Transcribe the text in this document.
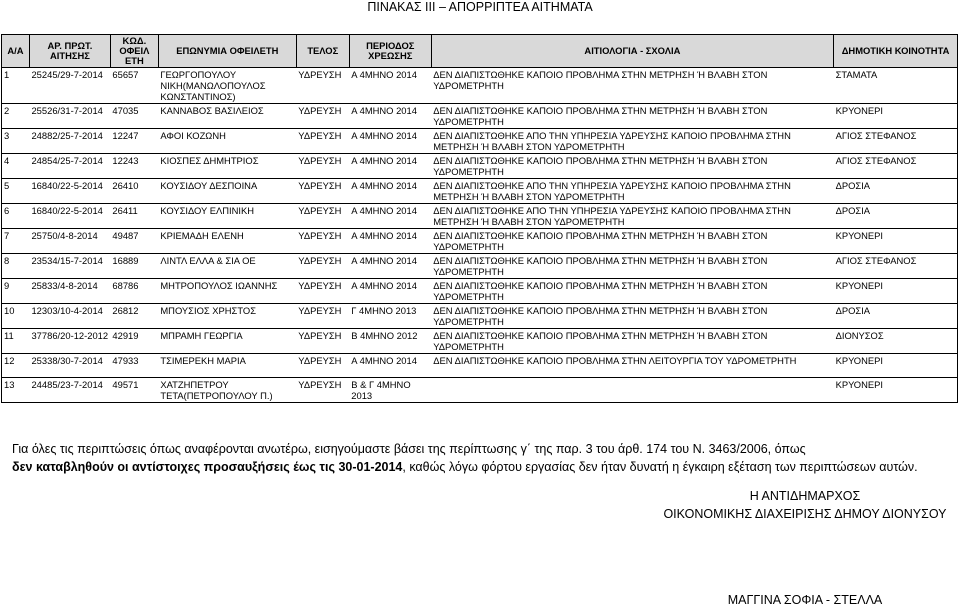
ΠΙΝΑΚΑΣ ΙΙΙ – ΑΠΟΡΡΙΠΤΕΑ ΑΙΤΗΜΑΤΑ
Α/Α	ΑΡ. ΠΡΩΤ. ΑΙΤΗΣΗΣ	ΚΩΔ. ΟΦΕΙΛ ΕΤΗ	ΕΠΩΝΥΜΙΑ ΟΦΕΙΛΕΤΗ	ΤΕΛΟΣ	ΠΕΡΙΟΔΟΣ ΧΡΕΩΣΗΣ	ΑΙΤΙΟΛΟΓΙΑ - ΣΧΟΛΙΑ	ΔΗΜΟΤΙΚΗ ΚΟΙΝΟΤΗΤΑ
1	25245/29-7-2014	65657	ΓΕΩΡΓΟΠΟΥΛΟΥ ΝΙΚΗ(ΜΑΝΩΛΟΠΟΥΛΟΣ ΚΩΝΣΤΑΝΤΙΝΟΣ)	ΥΔΡΕΥΣΗ	Α 4ΜΗΝΟ 2014	ΔΕΝ ΔΙΑΠΙΣΤΩΘΗΚΕ ΚΑΠΟΙΟ ΠΡΟΒΛΗΜΑ ΣΤΗΝ ΜΕΤΡΗΣΗ Ή ΒΛΑΒΗ ΣΤΟΝ ΥΔΡΟΜΕΤΡΗΤΗ	ΣΤΑΜΑΤΑ
2	25526/31-7-2014	47035	ΚΑΝΝΑΒΟΣ ΒΑΣΙΛΕΙΟΣ	ΥΔΡΕΥΣΗ	Α 4ΜΗΝΟ 2014	ΔΕΝ ΔΙΑΠΙΣΤΩΘΗΚΕ ΚΑΠΟΙΟ ΠΡΟΒΛΗΜΑ ΣΤΗΝ ΜΕΤΡΗΣΗ Ή ΒΛΑΒΗ ΣΤΟΝ ΥΔΡΟΜΕΤΡΗΤΗ	ΚΡΥΟΝΕΡΙ
3	24882/25-7-2014	12247	ΑΦΟΙ ΚΟΖΩΝΗ	ΥΔΡΕΥΣΗ	Α 4ΜΗΝΟ 2014	ΔΕΝ ΔΙΑΠΙΣΤΩΘΗΚΕ ΑΠΟ ΤΗΝ ΥΠΗΡΕΣΙΑ ΥΔΡΕΥΣΗΣ ΚΑΠΟΙΟ ΠΡΟΒΛΗΜΑ ΣΤΗΝ ΜΕΤΡΗΣΗ Ή ΒΛΑΒΗ ΣΤΟΝ ΥΔΡΟΜΕΤΡΗΤΗ	ΑΓΙΟΣ ΣΤΕΦΑΝΟΣ
4	24854/25-7-2014	12243	ΚΙΟΣΠΕΣ ΔΗΜΗΤΡΙΟΣ	ΥΔΡΕΥΣΗ	Α 4ΜΗΝΟ 2014	ΔΕΝ ΔΙΑΠΙΣΤΩΘΗΚΕ ΚΑΠΟΙΟ ΠΡΟΒΛΗΜΑ ΣΤΗΝ ΜΕΤΡΗΣΗ Ή ΒΛΑΒΗ ΣΤΟΝ ΥΔΡΟΜΕΤΡΗΤΗ	ΑΓΙΟΣ ΣΤΕΦΑΝΟΣ
5	16840/22-5-2014	26410	ΚΟΥΣΙΔΟΥ ΔΕΣΠΟΙΝΑ	ΥΔΡΕΥΣΗ	Α 4ΜΗΝΟ 2014	ΔΕΝ ΔΙΑΠΙΣΤΩΘΗΚΕ ΑΠΟ ΤΗΝ ΥΠΗΡΕΣΙΑ ΥΔΡΕΥΣΗΣ ΚΑΠΟΙΟ ΠΡΟΒΛΗΜΑ ΣΤΗΝ ΜΕΤΡΗΣΗ Ή ΒΛΑΒΗ ΣΤΟΝ ΥΔΡΟΜΕΤΡΗΤΗ	ΔΡΟΣΙΑ
6	16840/22-5-2014	26411	ΚΟΥΣΙΔΟΥ ΕΛΠΙΝΙΚΗ	ΥΔΡΕΥΣΗ	Α 4ΜΗΝΟ 2014	ΔΕΝ ΔΙΑΠΙΣΤΩΘΗΚΕ ΑΠΟ ΤΗΝ ΥΠΗΡΕΣΙΑ ΥΔΡΕΥΣΗΣ ΚΑΠΟΙΟ ΠΡΟΒΛΗΜΑ ΣΤΗΝ ΜΕΤΡΗΣΗ Ή ΒΛΑΒΗ ΣΤΟΝ ΥΔΡΟΜΕΤΡΗΤΗ	ΔΡΟΣΙΑ
7	25750/4-8-2014	49487	ΚΡΙΕΜΑΔΗ ΕΛΕΝΗ	ΥΔΡΕΥΣΗ	Α 4ΜΗΝΟ 2014	ΔΕΝ ΔΙΑΠΙΣΤΩΘΗΚΕ ΚΑΠΟΙΟ ΠΡΟΒΛΗΜΑ ΣΤΗΝ ΜΕΤΡΗΣΗ Ή ΒΛΑΒΗ ΣΤΟΝ ΥΔΡΟΜΕΤΡΗΤΗ	ΚΡΥΟΝΕΡΙ
8	23534/15-7-2014	16889	ΛΙΝΤΛ ΕΛΛΑ & ΣΙΑ ΟΕ	ΥΔΡΕΥΣΗ	Α 4ΜΗΝΟ 2014	ΔΕΝ ΔΙΑΠΙΣΤΩΘΗΚΕ ΚΑΠΟΙΟ ΠΡΟΒΛΗΜΑ ΣΤΗΝ ΜΕΤΡΗΣΗ Ή ΒΛΑΒΗ ΣΤΟΝ ΥΔΡΟΜΕΤΡΗΤΗ	ΑΓΙΟΣ ΣΤΕΦΑΝΟΣ
9	25833/4-8-2014	68786	ΜΗΤΡΟΠΟΥΛΟΣ ΙΩΑΝΝΗΣ	ΥΔΡΕΥΣΗ	Α 4ΜΗΝΟ 2014	ΔΕΝ ΔΙΑΠΙΣΤΩΘΗΚΕ ΚΑΠΟΙΟ ΠΡΟΒΛΗΜΑ ΣΤΗΝ ΜΕΤΡΗΣΗ Ή ΒΛΑΒΗ ΣΤΟΝ ΥΔΡΟΜΕΤΡΗΤΗ	ΚΡΥΟΝΕΡΙ
10	12303/10-4-2014	26812	ΜΠΟΥΣΙΟΣ ΧΡΗΣΤΟΣ	ΥΔΡΕΥΣΗ	Γ 4ΜΗΝΟ 2013	ΔΕΝ ΔΙΑΠΙΣΤΩΘΗΚΕ ΚΑΠΟΙΟ ΠΡΟΒΛΗΜΑ ΣΤΗΝ ΜΕΤΡΗΣΗ Ή ΒΛΑΒΗ ΣΤΟΝ ΥΔΡΟΜΕΤΡΗΤΗ	ΔΡΟΣΙΑ
11	37786/20-12-2012	42919	ΜΠΡΑΜΗ ΓΕΩΡΓΙΑ	ΥΔΡΕΥΣΗ	Β 4ΜΗΝΟ 2012	ΔΕΝ ΔΙΑΠΙΣΤΩΘΗΚΕ ΚΑΠΟΙΟ ΠΡΟΒΛΗΜΑ ΣΤΗΝ ΜΕΤΡΗΣΗ Ή ΒΛΑΒΗ ΣΤΟΝ ΥΔΡΟΜΕΤΡΗΤΗ	ΔΙΟΝΥΣΟΣ
12	25338/30-7-2014	47933	ΤΣΙΜΕΡΕΚΗ ΜΑΡΙΑ	ΥΔΡΕΥΣΗ	Α 4ΜΗΝΟ 2014	ΔΕΝ ΔΙΑΠΙΣΤΩΘΗΚΕ ΚΑΠΟΙΟ ΠΡΟΒΛΗΜΑ ΣΤΗΝ ΛΕΙΤΟΥΡΓΙΑ ΤΟΥ ΥΔΡΟΜΕΤΡΗΤΗ	ΚΡΥΟΝΕΡΙ
13	24485/23-7-2014	49571	ΧΑΤΖΗΠΕΤΡΟΥ ΤΕΤΑ(ΠΕΤΡΟΠΟΥΛΟΥ Π.)	ΥΔΡΕΥΣΗ	Β & Γ 4ΜΗΝΟ 2013		ΚΡΥΟΝΕΡΙ
Για όλες τις περιπτώσεις όπως αναφέρονται ανωτέρω, εισηγούμαστε βάσει της περίπτωσης γ΄ της παρ. 3 του άρθ. 174 του Ν. 3463/2006, όπως
δεν καταβληθούν οι αντίστοιχες προσαυξήσεις έως τις 30-01-2014, καθώς λόγω φόρτου εργασίας δεν ήταν δυνατή η έγκαιρη εξέταση των περιπτώσεων αυτών.
Η ΑΝΤΙΔΗΜΑΡΧΟΣ
ΟΙΚΟΝΟΜΙΚΗΣ ΔΙΑΧΕΙΡΙΣΗΣ ΔΗΜΟΥ ΔΙΟΝΥΣΟΥ
ΜΑΓΓΙΝΑ ΣΟΦΙΑ - ΣΤΕΛΛΑ
